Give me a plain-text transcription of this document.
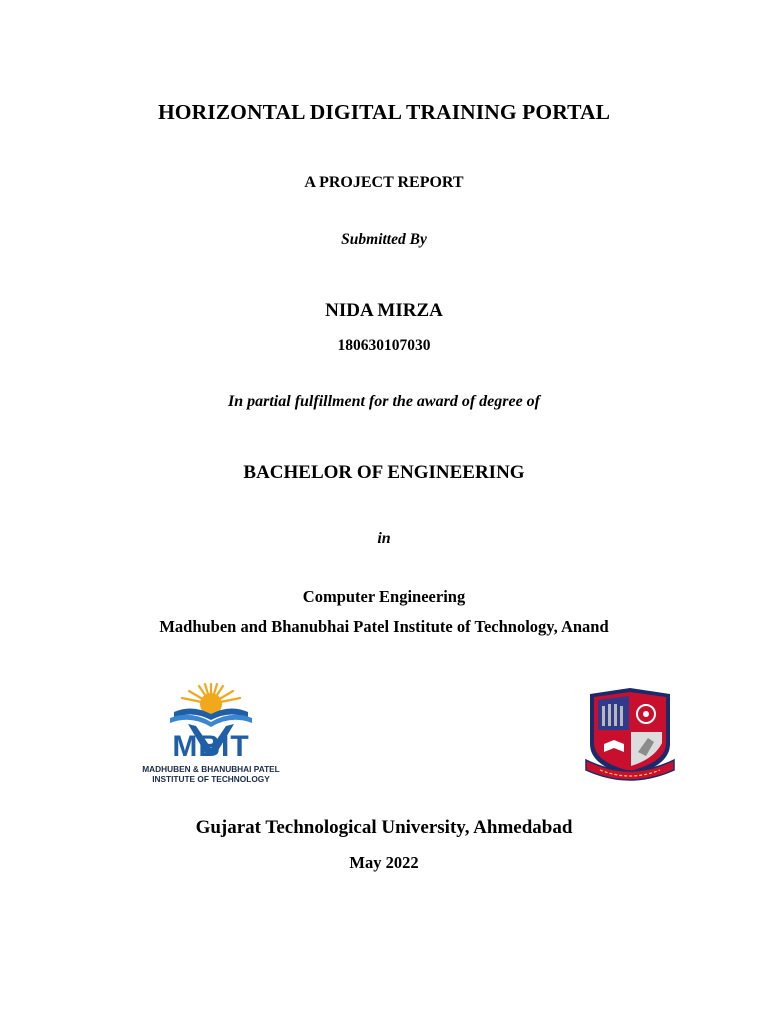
HORIZONTAL DIGITAL TRAINING PORTAL
A PROJECT REPORT
Submitted By
NIDA MIRZA
180630107030
In partial fulfillment for the award of degree of
BACHELOR OF ENGINEERING
in
Computer Engineering
Madhuben and Bhanubhai Patel Institute of Technology, Anand
MBIT
MADHUBEN & BHANUBHAI PATEL
INSTITUTE OF TECHNOLOGY
Gujarat Technological University, Ahmedabad
May 2022
